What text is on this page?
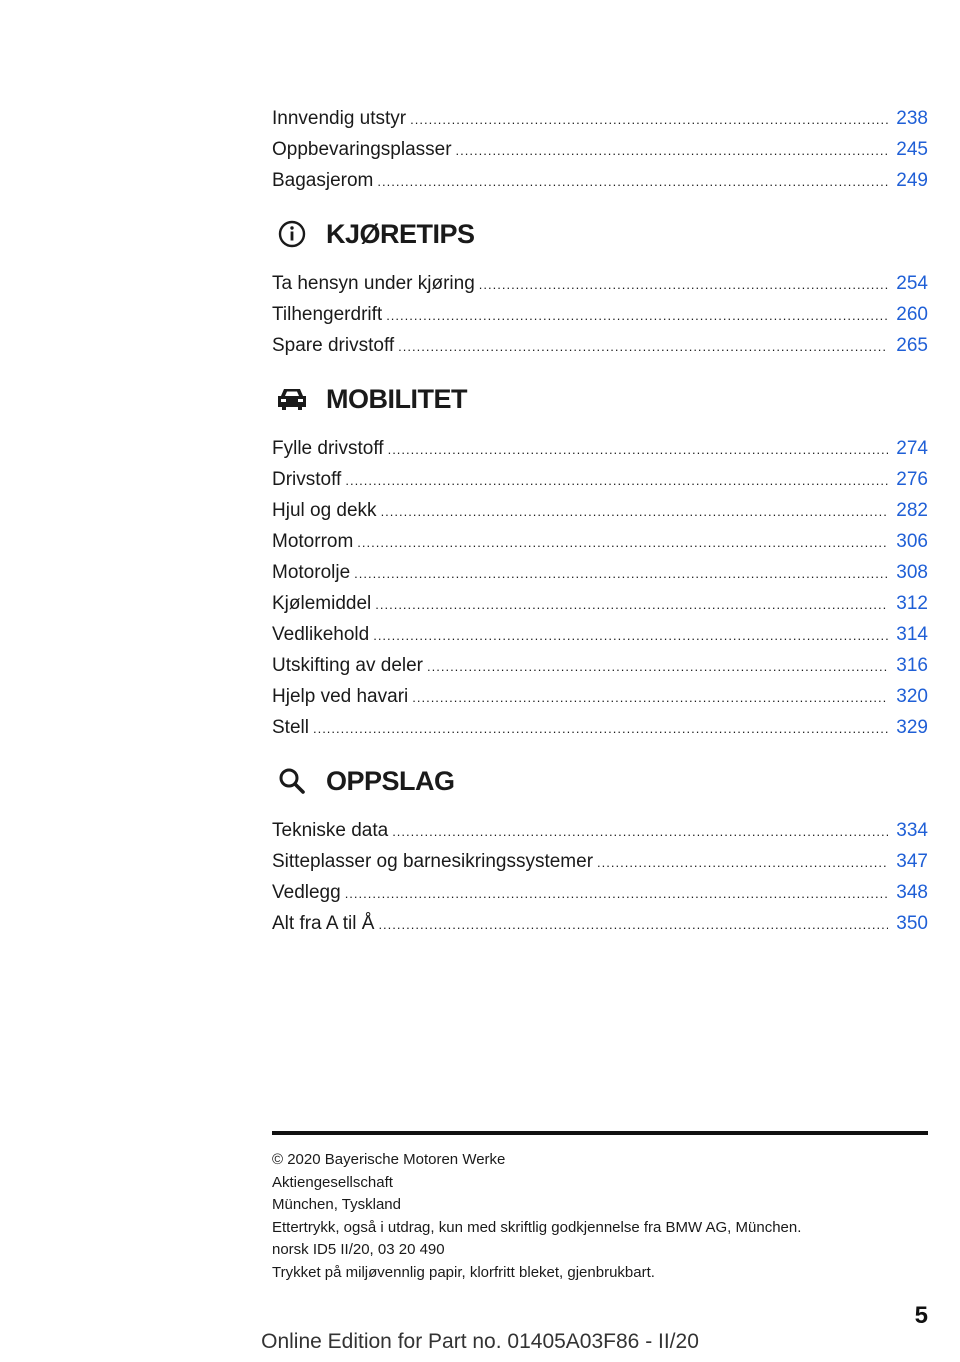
Innvendig utstyr .....	238
Oppbevaringsplasser .....	245
Bagasjerom .....	249
KJØRETIPS
Ta hensyn under kjøring .....	254
Tilhengerdrift .....	260
Spare drivstoff .....	265
MOBILITET
Fylle drivstoff .....	274
Drivstoff .....	276
Hjul og dekk .....	282
Motorrom .....	306
Motorolje .....	308
Kjølemiddel .....	312
Vedlikehold .....	314
Utskifting av deler .....	316
Hjelp ved havari .....	320
Stell .....	329
OPPSLAG
Tekniske data .....	334
Sitteplasser og barnesikringssystemer .....	347
Vedlegg .....	348
Alt fra A til Å .....	350
© 2020 Bayerische Motoren Werke
Aktiengesellschaft
München, Tyskland
Ettertrykk, også i utdrag, kun med skriftlig godkjennelse fra BMW AG, München.
norsk ID5 II/20, 03 20 490
Trykket på miljøvennlig papir, klorfritt bleket, gjenbrukbart.
5
Online Edition for Part no. 01405A03F86 - II/20
